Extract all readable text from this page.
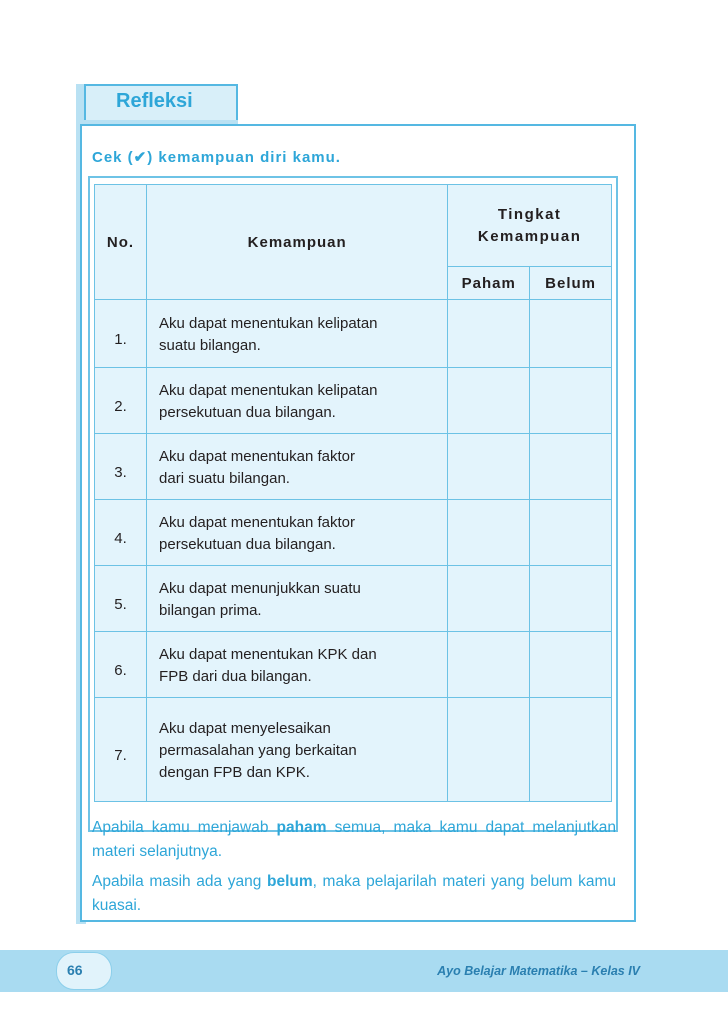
Refleksi
Cek (✔) kemampuan diri kamu.
No.	Kemampuan	Tingkat
Kemampuan	

		Paham	Belum
1.	Aku dapat menentukan kelipatan
suatu bilangan.		

2.	Aku dapat menentukan kelipatan
persekutuan dua bilangan.		

3.	Aku dapat menentukan faktor
dari suatu bilangan.		

4.	Aku dapat menentukan faktor
persekutuan dua bilangan.		

5.	Aku dapat menunjukkan suatu
bilangan prima.		

6.	Aku dapat menentukan KPK dan
FPB dari dua bilangan.		

7.	Aku dapat menyelesaikan
permasalahan yang berkaitan
dengan FPB dan KPK.		

Apabila kamu menjawab paham semua, maka kamu dapat melanjutkan materi selanjutnya.
Apabila masih ada yang belum, maka pelajarilah materi yang belum kamu kuasai.
66	Ayo Belajar Matematika – Kelas IV
